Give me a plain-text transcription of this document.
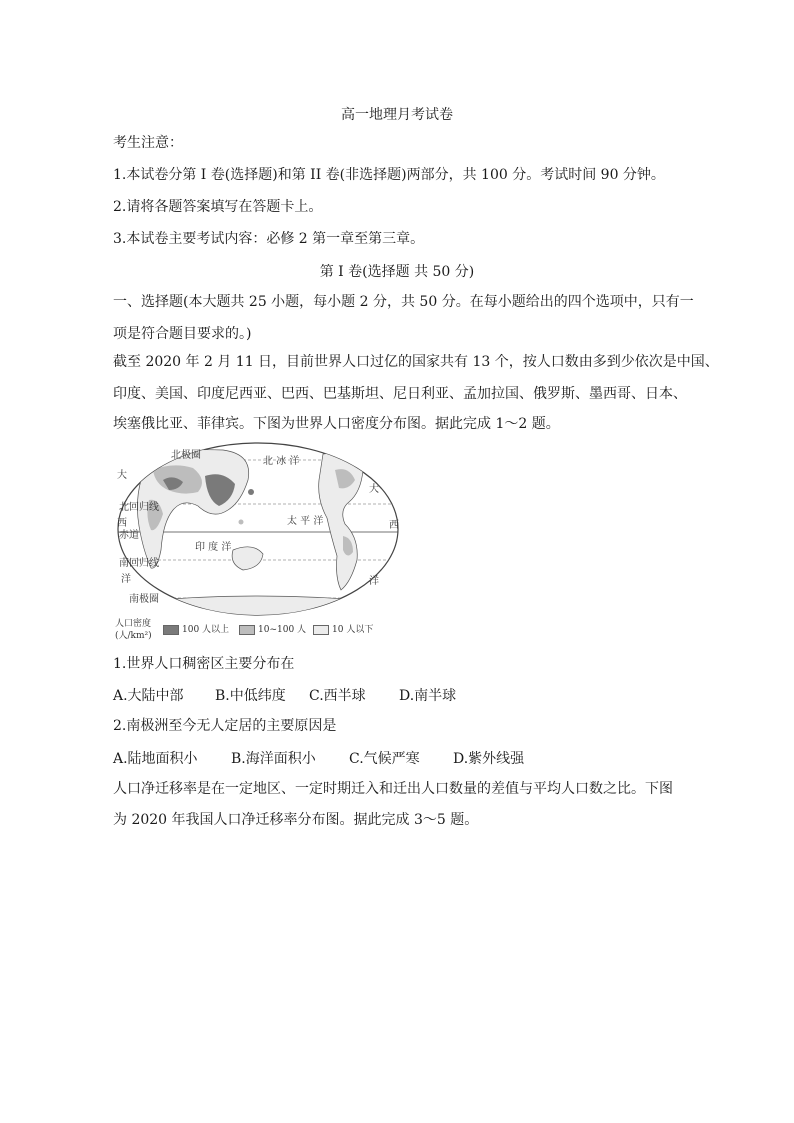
高一地理月考试卷
考生注意：
1.本试卷分第 I 卷(选择题)和第 II 卷(非选择题)两部分，共 100 分。考试时间 90 分钟。
2.请将各题答案填写在答题卡上。
3.本试卷主要考试内容：必修 2 第一章至第三章。
第 I 卷(选择题 共 50 分)
一、选择题(本大题共 25 小题，每小题 2 分，共 50 分。在每小题给出的四个选项中，只有一
项是符合题目要求的。)
截至 2020 年 2 月 11 日，目前世界人口过亿的国家共有 13 个，按人口数由多到少依次是中国、
印度、美国、印度尼西亚、巴西、巴基斯坦、尼日利亚、孟加拉国、俄罗斯、墨西哥、日本、
埃塞俄比亚、菲律宾。下图为世界人口密度分布图。据此完成 1～2 题。
北极圈
北 冰 洋
北回归线
赤道
南回归线
南极圈
太 平 洋
印 度 洋
大
西
洋
大
西
洋
人口密度
(人/km²)
100 人以上	10~100 人	10 人以下
1.世界人口稠密区主要分布在
A.大陆中部 B.中低纬度 C.西半球 D.南半球
2.南极洲至今无人定居的主要原因是
A.陆地面积小 B.海洋面积小 C.气候严寒 D.紫外线强
人口净迁移率是在一定地区、一定时期迁入和迁出人口数量的差值与平均人口数之比。下图
为 2020 年我国人口净迁移率分布图。据此完成 3～5 题。
